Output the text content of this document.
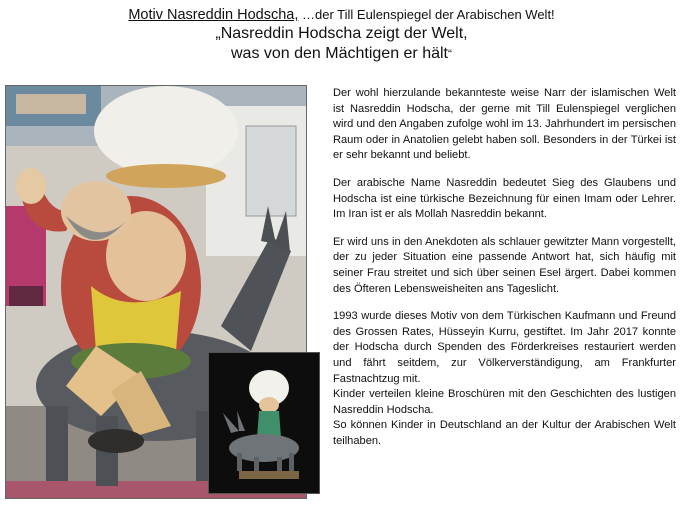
Motiv Nasreddin Hodscha, …der Till Eulenspiegel der Arabischen Welt!
„Nasreddin Hodscha zeigt der Welt,
was von den Mächtigen er hält“

Der wohl hierzulande bekannteste weise Narr der islamischen Welt ist Nasreddin Hodscha, der gerne mit Till Eulenspiegel verglichen wird und den Angaben zufolge wohl im 13. Jahrhundert im persischen Raum oder in Anatolien gelebt haben soll. Besonders in der Türkei ist er sehr bekannt und beliebt.

Der arabische Name Nasreddin bedeutet Sieg des Glaubens und Hodscha ist eine türkische Bezeichnung für einen Imam oder Lehrer. Im Iran ist er als Mollah Nasreddin bekannt.

Er wird uns in den Anekdoten als schlauer gewitzter Mann vorgestellt, der zu jeder Situation eine passende Antwort hat, sich häufig mit seiner Frau streitet und sich über seinen Esel ärgert. Dabei kommen des Öfteren Lebensweisheiten ans Tageslicht.

1993 wurde dieses Motiv von dem Türkischen Kaufmann und Freund des Grossen Rates, Hüsseyin Kurru, gestiftet. Im Jahr 2017 konnte der Hodscha durch Spenden des Förderkreises restauriert werden und fährt seitdem, zur Völkerverständigung, am Frankfurter Fastnachtzug mit.

Kinder verteilen kleine Broschüren mit den Geschichten des lustigen Nasreddin Hodscha.

So können Kinder in Deutschland an der Kultur der Arabischen Welt teilhaben.
